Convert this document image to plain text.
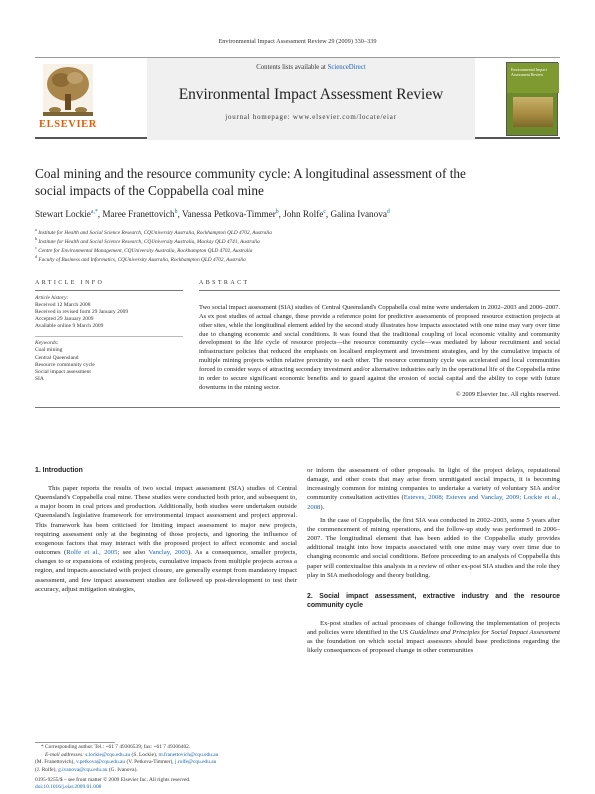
Environmental Impact Assessment Review 29 (2009) 330–339
ELSEVIER
Contents lists available at ScienceDirect
Environmental Impact Assessment Review
journal homepage: www.elsevier.com/locate/eiar
Environmental Impact Assessment Review
Coal mining and the resource community cycle: A longitudinal assessment of the
social impacts of the Coppabella coal mine
Stewart Lockie$^{a,*}$, Maree Franettovich$^b$, Vanessa Petkova-Timmer$^b$, John Rolfe$^c$, Galina Ivanova$^d$
$^a$ Institute for Health and Social Science Research, CQUniversity Australia, Rockhampton QLD 4702, Australia
$^b$ Institute for Health and Social Science Research, CQUniversity Australia, Mackay QLD 4741, Australia
$^c$ Centre for Environmental Management, CQUniversity Australia, Rockhampton QLD 4702, Australia
$^d$ Faculty of Business and Informatics, CQUniversity Australia, Rockhampton QLD 4702, Australia
ARTICLE INFO
Article history:
Received 12 March 2008
Received in revised form 29 January 2009
Accepted 29 January 2009
Available online 9 March 2009
Keywords:
Coal mining
Central Queensland
Resource community cycle
Social impact assessment
SIA
ABSTRACT
Two social impact assessment (SIA) studies of Central Queensland's Coppabella coal mine were undertaken in 2002–2003 and 2006–2007. As ex post studies of actual change, these provide a reference point for predictive assessments of proposed resource extraction projects at other sites, while the longitudinal element added by the second study illustrates how impacts associated with one mine may vary over time due to changing economic and social conditions. It was found that the traditional coupling of local economic vitality and community development to the life cycle of resource projects—the resource community cycle—was mediated by labour recruitment and social infrastructure policies that reduced the emphasis on localised employment and investment strategies, and by the cumulative impacts of multiple mining projects within relative proximity to each other. The resource community cycle was accelerated and local communities forced to consider ways of attracting secondary investment and/or alternative industries early in the operational life of the Coppabella mine in order to secure significant economic benefits and to guard against the erosion of social capital and the ability to cope with future downturns in the mining sector.
© 2009 Elsevier Inc. All rights reserved.
1. Introduction
This paper reports the results of two social impact assessment (SIA) studies of Central Queensland's Coppabella coal mine. These studies were conducted both prior, and subsequent to, a major boom in coal prices and production. Additionally, both studies were undertaken outside Queensland's legislative framework for environmental impact assessment and project approval. This framework has been criticised for limiting impact assessment to major new projects, requiring assessment only at the beginning of those projects, and ignoring the influence of exogenous factors that may interact with the proposed project to affect economic and social outcomes (Rolfe et al., 2005; see also Vanclay, 2003). As a consequence, smaller projects, changes to or expansions of existing projects, cumulative impacts from multiple projects across a region, and impacts associated with project closure, are generally exempt from mandatory impact assessment, and few impact assessment studies are followed up post-development to test their accuracy, adjust mitigation strategies,
or inform the assessment of other proposals. In light of the project delays, reputational damage, and other costs that may arise from unmitigated social impacts, it is becoming increasingly common for mining companies to undertake a variety of voluntary SIA and/or community consultation activities (Esteves, 2008; Esteves and Vanclay, 2009; Lockie et al., 2008).
In the case of Coppabella, the first SIA was conducted in 2002–2003, some 5 years after the commencement of mining operations, and the follow-up study was performed in 2006–2007. The longitudinal element that has been added to the Coppabella study provides additional insight into how impacts associated with one mine may vary over time due to changing economic and social conditions. Before proceeding to an analysis of Coppabella this paper will contextualise this analysis in a review of other ex-post SIA studies and the role they play in SIA methodology and theory building.
2. Social impact assessment, extractive industry and the resource community cycle
Ex-post studies of actual processes of change following the implementation of projects and policies were identified in the US Guidelines and Principles for Social Impact Assessment as the foundation on which social impact assessors should base predictions regarding the likely consequences of proposed change in other communities
* Corresponding author. Tel.: +61 7 49306539; fax: +61 7 49306402.
E-mail addresses: s.lockie@cqu.edu.au (S. Lockie), m.franettovich@cqu.edu.au
(M. Franettovich), v.petkova@cqu.edu.au (V. Petkova-Timmer), j.rolfe@cqu.edu.au
(J. Rolfe), g.ivanova@cqu.edu.au (G. Ivanova).
0195-9255/$ – see front matter © 2009 Elsevier Inc. All rights reserved.
doi:10.1016/j.eiar.2009.01.008
